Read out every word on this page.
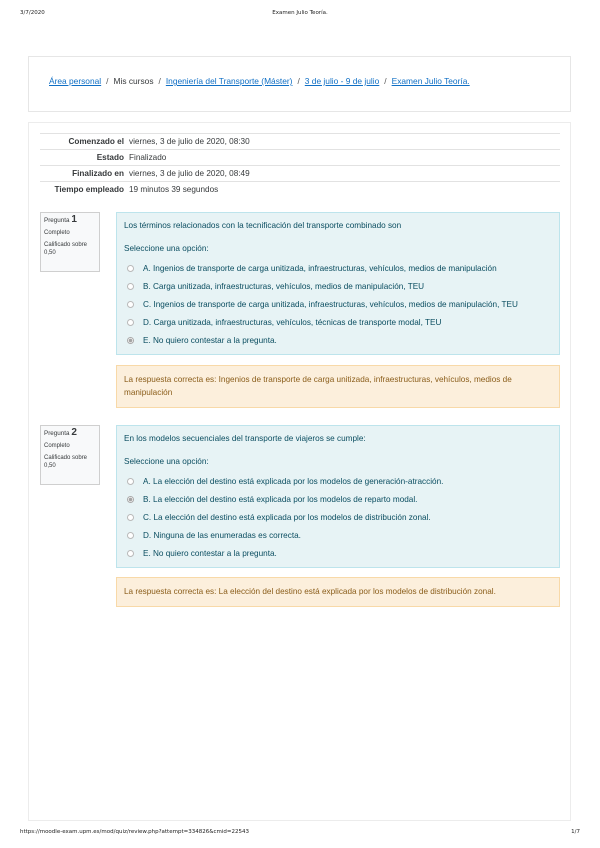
3/7/2020	Examen Julio Teoría.
Área personal / Mis cursos / Ingeniería del Transporte (Máster) / 3 de julio - 9 de julio / Examen Julio Teoría.
Comenzado el	viernes, 3 de julio de 2020, 08:30
Estado	Finalizado
Finalizado en	viernes, 3 de julio de 2020, 08:49
Tiempo empleado	19 minutos 39 segundos
Pregunta 1
Completo
Calificado sobre 0,50
Los términos relacionados con la tecnificación del transporte combinado son
Seleccione una opción:
A. Ingenios de transporte de carga unitizada, infraestructuras, vehículos, medios de manipulación
B. Carga unitizada, infraestructuras, vehículos, medios de manipulación, TEU
C. Ingenios de transporte de carga unitizada, infraestructuras, vehículos, medios de manipulación, TEU
D. Carga unitizada, infraestructuras, vehículos, técnicas de transporte modal, TEU
E. No quiero contestar a la pregunta.
La respuesta correcta es: Ingenios de transporte de carga unitizada, infraestructuras, vehículos, medios de manipulación
Pregunta 2
Completo
Calificado sobre 0,50
En los modelos secuenciales del transporte de viajeros se cumple:
Seleccione una opción:
A. La elección del destino está explicada por los modelos de generación-atracción.
B. La elección del destino está explicada por los modelos de reparto modal.
C. La elección del destino está explicada por los modelos de distribución zonal.
D. Ninguna de las enumeradas es correcta.
E. No quiero contestar a la pregunta.
La respuesta correcta es: La elección del destino está explicada por los modelos de distribución zonal.
https://moodle-exam.upm.es/mod/quiz/review.php?attempt=334826&cmid=22543	1/7
